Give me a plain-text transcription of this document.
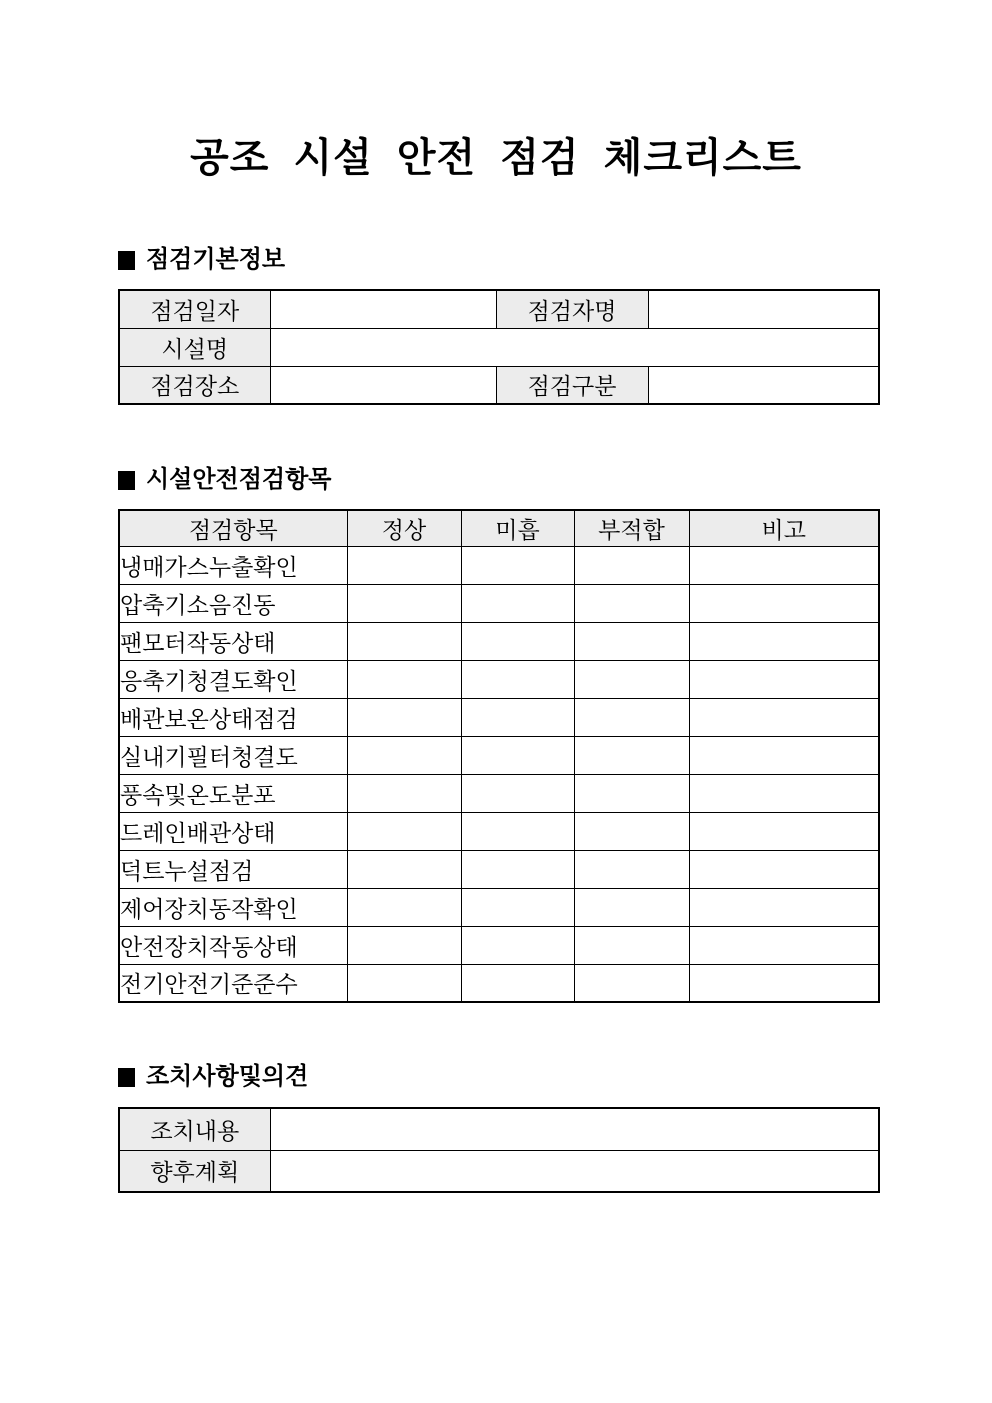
공조 시설 안전 점검 체크리스트
점검기본정보
점검일자		점검자명	
시설명			
점검장소		점검구분	
시설안전점검항목
점검항목	정상	미흡	부적합	비고
냉매가스누출확인				
압축기소음진동				
팬모터작동상태				
응축기청결도확인				
배관보온상태점검				
실내기필터청결도				
풍속및온도분포				
드레인배관상태				
덕트누설점검				
제어장치동작확인				
안전장치작동상태				
전기안전기준준수				
조치사항및의견
조치내용	
향후계획	
